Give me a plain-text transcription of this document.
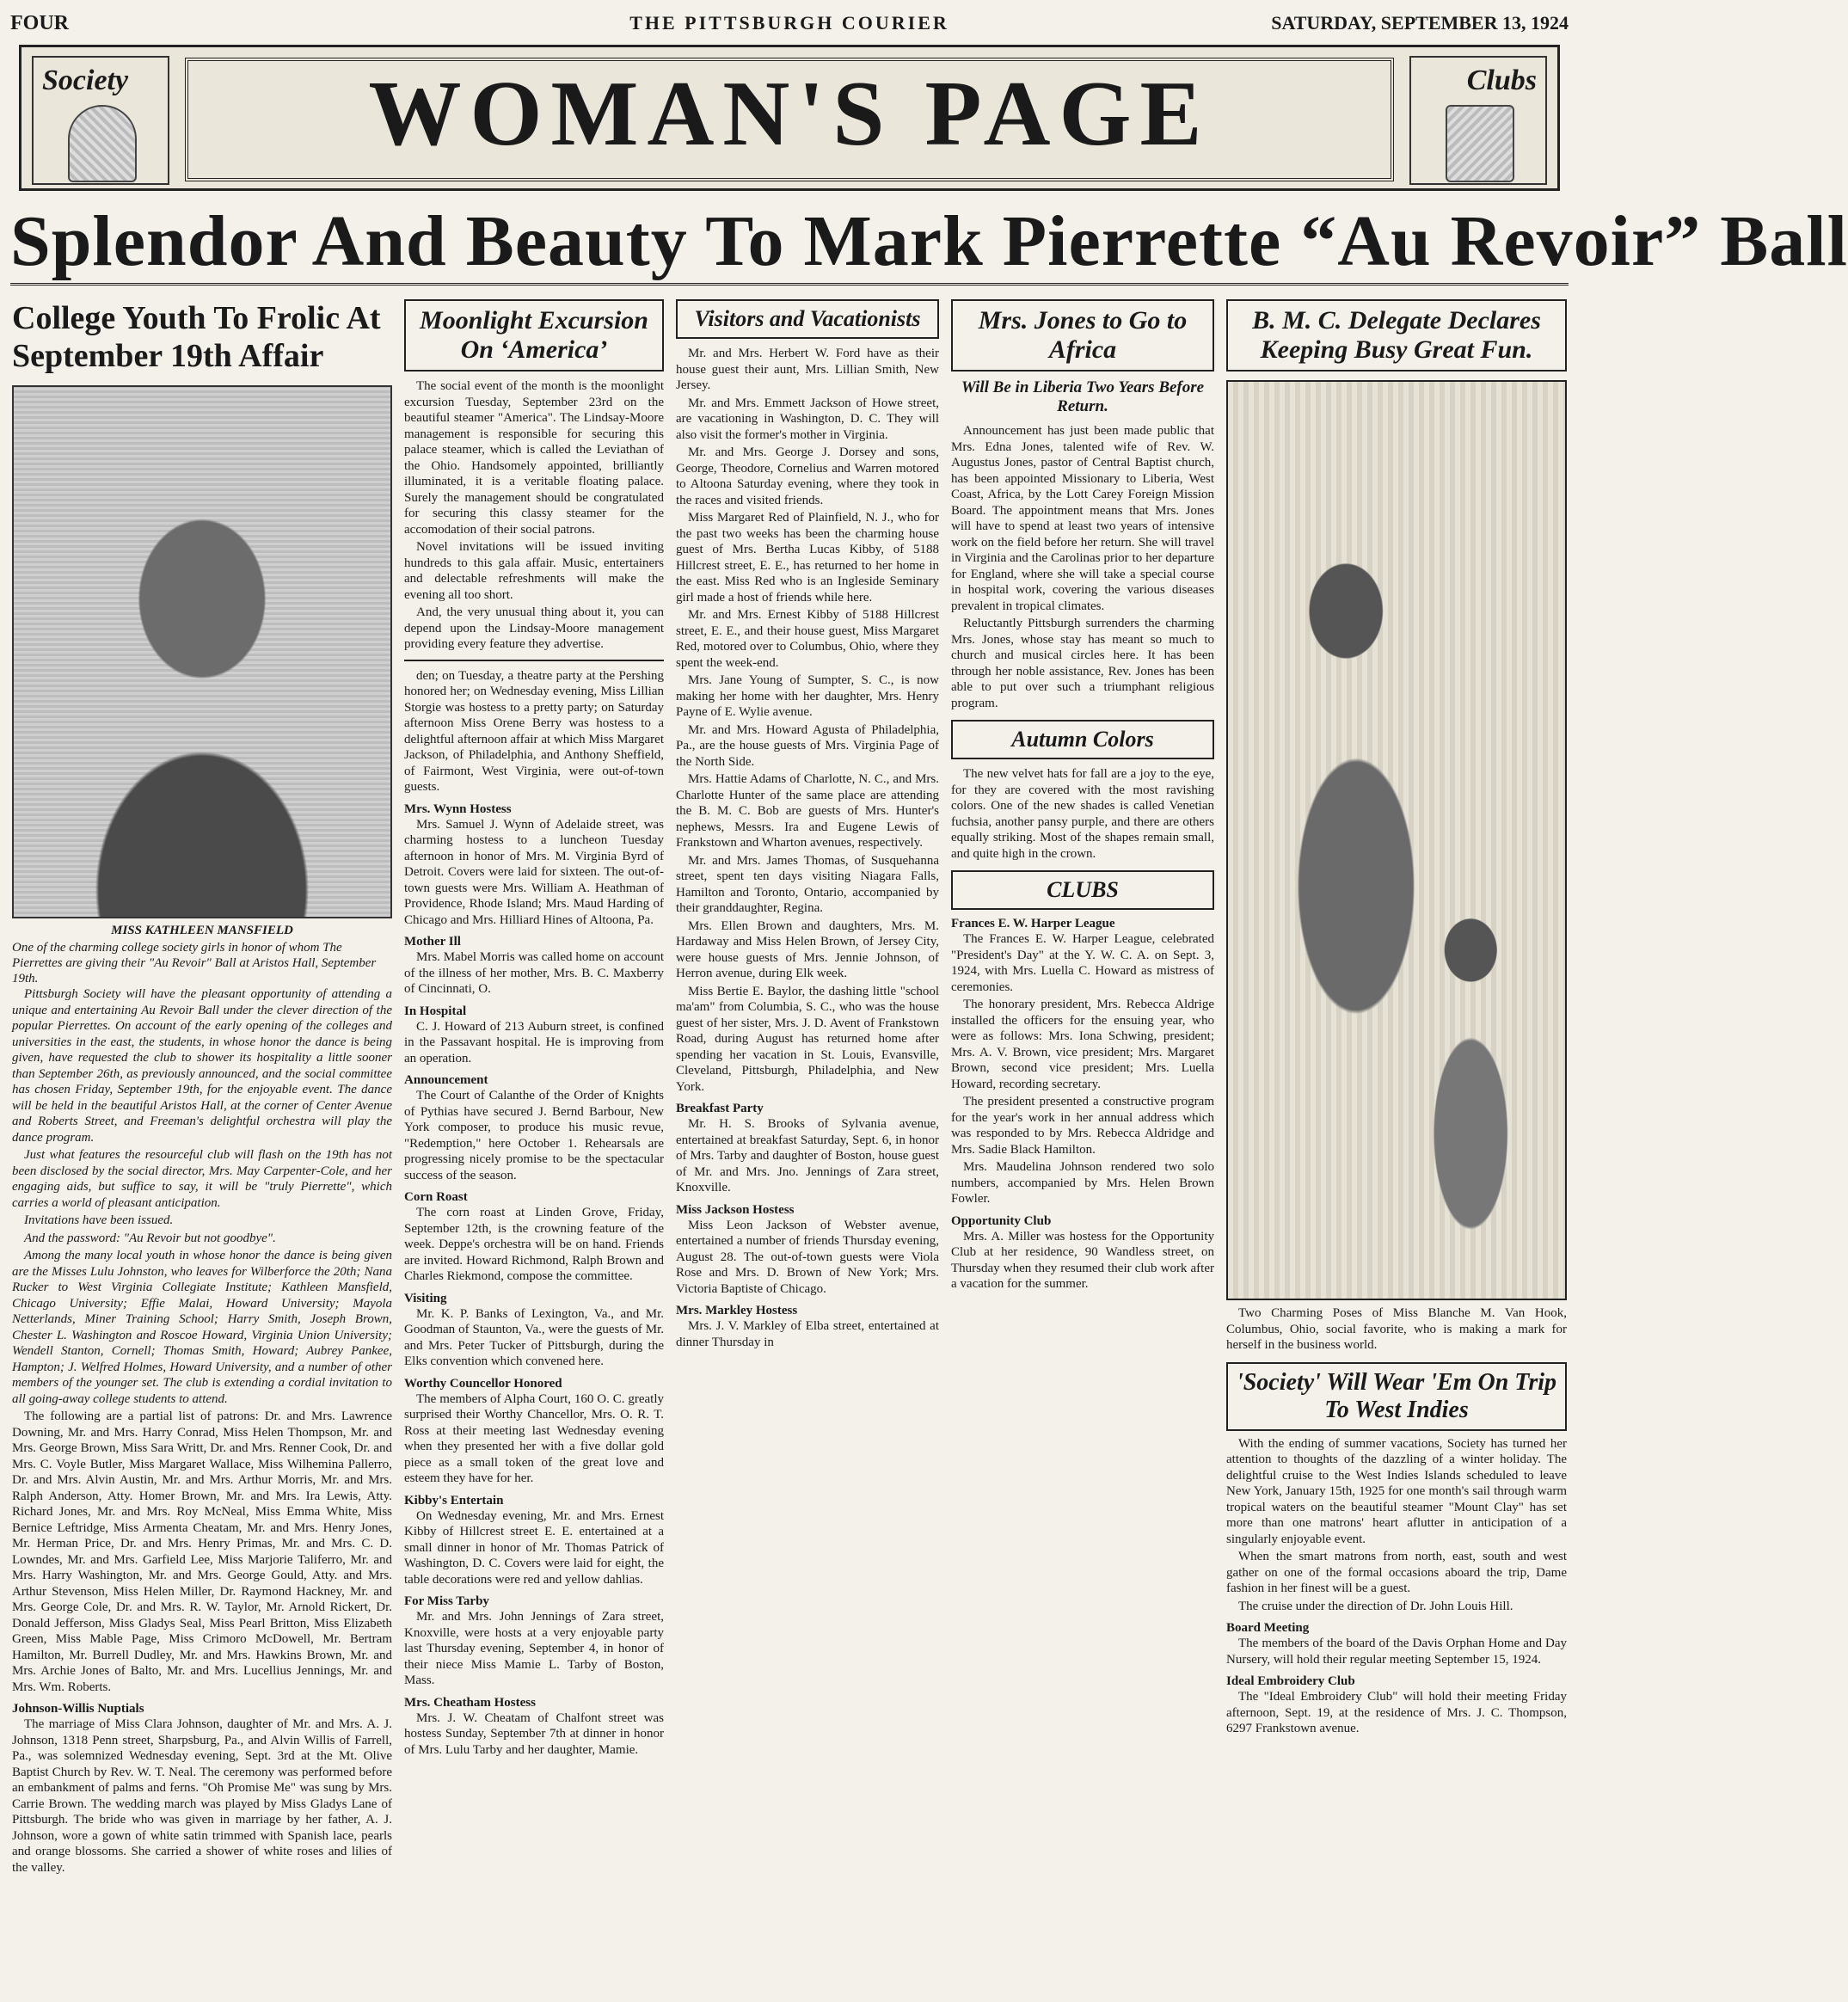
FOUR	THE PITTSBURGH COURIER	SATURDAY, SEPTEMBER 13, 1924
Society	WOMAN'S PAGE	Clubs
Splendor And Beauty To Mark Pierrette “Au Revoir” Ball
College Youth To Frolic At September 19th Affair
MISS KATHLEEN MANSFIELD
One of the charming college society girls in honor of whom The Pierrettes are giving their "Au Revoir" Ball at Aristos Hall, September 19th.

Pittsburgh Society will have the pleasant opportunity of attending a unique and entertaining Au Revoir Ball under the clever direction of the popular Pierrettes. On account of the early opening of the colleges and universities in the east, the students, in whose honor the dance is being given, have requested the club to shower its hospitality a little sooner than September 26th, as previously announced, and the social committee has chosen Friday, September 19th, for the enjoyable event. The dance will be held in the beautiful Aristos Hall, at the corner of Center Avenue and Roberts Street, and Freeman's delightful orchestra will play the dance program.

Just what features the resourceful club will flash on the 19th has not been disclosed by the social director, Mrs. May Carpenter-Cole, and her engaging aids, but suffice to say, it will be "truly Pierrette", which carries a world of pleasant anticipation.

Invitations have been issued.

And the password: "Au Revoir but not goodbye".

Among the many local youth in whose honor the dance is being given are the Misses Lulu Johnston, who leaves for Wilberforce the 20th; Nana Rucker to West Virginia Collegiate Institute; Kathleen Mansfield, Chicago University; Effie Malai, Howard University; Mayola Netterlands, Miner Training School; Harry Smith, Joseph Brown, Chester L. Washington and Roscoe Howard, Virginia Union University; Wendell Stanton, Cornell; Thomas Smith, Howard; Aubrey Pankee, Hampton; J. Welfred Holmes, Howard University, and a number of other members of the younger set. The club is extending a cordial invitation to all going-away college students to attend.

The following are a partial list of patrons: Dr. and Mrs. Lawrence Downing, Mr. and Mrs. Harry Conrad, Miss Helen Thompson, Mr. and Mrs. George Brown, Miss Sara Writt, Dr. and Mrs. Renner Cook, Dr. and Mrs. C. Voyle Butler, Miss Margaret Wallace, Miss Wilhemina Pallerro, Dr. and Mrs. Alvin Austin, Mr. and Mrs. Arthur Morris, Mr. and Mrs. Ralph Anderson, Atty. Homer Brown, Mr. and Mrs. Ira Lewis, Atty. Richard Jones, Mr. and Mrs. Roy McNeal, Miss Emma White, Miss Bernice Leftridge, Miss Armenta Cheatam, Mr. and Mrs. Henry Jones, Mr. Herman Price, Dr. and Mrs. Henry Primas, Mr. and Mrs. C. D. Lowndes, Mr. and Mrs. Garfield Lee, Miss Marjorie Taliferro, Mr. and Mrs. Harry Washington, Mr. and Mrs. George Gould, Atty. and Mrs. Arthur Stevenson, Miss Helen Miller, Dr. Raymond Hackney, Mr. and Mrs. George Cole, Dr. and Mrs. R. W. Taylor, Mr. Arnold Rickert, Dr. Donald Jefferson, Miss Gladys Seal, Miss Pearl Britton, Miss Elizabeth Green, Miss Mable Page, Miss Crimoro McDowell, Mr. Bertram Hamilton, Mr. Burrell Dudley, Mr. and Mrs. Hawkins Brown, Mr. and Mrs. Archie Jones of Balto, Mr. and Mrs. Lucellius Jennings, Mr. and Mrs. Wm. Roberts.

Johnson-Willis Nuptials

The marriage of Miss Clara Johnson, daughter of Mr. and Mrs. A. J. Johnson, 1318 Penn street, Sharpsburg, Pa., and Alvin Willis of Farrell, Pa., was solemnized Wednesday evening, Sept. 3rd at the Mt. Olive Baptist Church by Rev. W. T. Neal. The ceremony was performed before an embankment of palms and ferns. "Oh Promise Me" was sung by Mrs. Carrie Brown. The wedding march was played by Miss Gladys Lane of Pittsburgh. The bride who was given in marriage by her father, A. J. Johnson, wore a gown of white satin trimmed with Spanish lace, pearls and orange blossoms. She carried a shower of white roses and lilies of the valley.

Moonlight Excursion On ‘America’

The social event of the month is the moonlight excursion Tuesday, September 23rd on the beautiful steamer "America". The Lindsay-Moore management is responsible for securing this palace steamer, which is called the Leviathan of the Ohio. Handsomely appointed, brilliantly illuminated, it is a veritable floating palace. Surely the management should be congratulated for securing this classy steamer for the accomodation of their social patrons.

Novel invitations will be issued inviting hundreds to this gala affair. Music, entertainers and delectable refreshments will make the evening all too short.

And, the very unusual thing about it, you can depend upon the Lindsay-Moore management providing every feature they advertise.

den; on Tuesday, a theatre party at the Pershing honored her; on Wednesday evening, Miss Lillian Storgie was hostess to a pretty party; on Saturday afternoon Miss Orene Berry was hostess to a delightful afternoon affair at which Miss Margaret Jackson, of Philadelphia, and Anthony Sheffield, of Fairmont, West Virginia, were out-of-town guests.

Mrs. Wynn Hostess

Mrs. Samuel J. Wynn of Adelaide street, was charming hostess to a luncheon Tuesday afternoon in honor of Mrs. M. Virginia Byrd of Detroit. Covers were laid for sixteen. The out-of-town guests were Mrs. William A. Heathman of Providence, Rhode Island; Mrs. Maud Harding of Chicago and Mrs. Hilliard Hines of Altoona, Pa.

Mother Ill

Mrs. Mabel Morris was called home on account of the illness of her mother, Mrs. B. C. Maxberry of Cincinnati, O.

In Hospital

C. J. Howard of 213 Auburn street, is confined in the Passavant hospital. He is improving from an operation.

Announcement

The Court of Calanthe of the Order of Knights of Pythias have secured J. Bernd Barbour, New York composer, to produce his music revue, "Redemption," here October 1. Rehearsals are progressing nicely promise to be the spectacular success of the season.

Corn Roast

The corn roast at Linden Grove, Friday, September 12th, is the crowning feature of the week. Deppe's orchestra will be on hand. Friends are invited. Howard Richmond, Ralph Brown and Charles Riekmond, compose the committee.

Visiting

Mr. K. P. Banks of Lexington, Va., and Mr. Goodman of Staunton, Va., were the guests of Mr. and Mrs. Peter Tucker of Pittsburgh, during the Elks convention which convened here.

Worthy Councellor Honored

The members of Alpha Court, 160 O. C. greatly surprised their Worthy Chancellor, Mrs. O. R. T. Ross at their meeting last Wednesday evening when they presented her with a five dollar gold piece as a small token of the great love and esteem they have for her.

Kibby's Entertain

On Wednesday evening, Mr. and Mrs. Ernest Kibby of Hillcrest street E. E. entertained at a small dinner in honor of Mr. Thomas Patrick of Washington, D. C. Covers were laid for eight, the table decorations were red and yellow dahlias.

For Miss Tarby

Mr. and Mrs. John Jennings of Zara street, Knoxville, were hosts at a very enjoyable party last Thursday evening, September 4, in honor of their niece Miss Mamie L. Tarby of Boston, Mass.

Mrs. Cheatham Hostess

Mrs. J. W. Cheatam of Chalfont street was hostess Sunday, September 7th at dinner in honor of Mrs. Lulu Tarby and her daughter, Mamie.

Visitors and Vacationists

Mr. and Mrs. Herbert W. Ford have as their house guest their aunt, Mrs. Lillian Smith, New Jersey.

Mr. and Mrs. Emmett Jackson of Howe street, are vacationing in Washington, D. C. They will also visit the former's mother in Virginia.

Mr. and Mrs. George J. Dorsey and sons, George, Theodore, Cornelius and Warren motored to Altoona Saturday evening, where they took in the races and visited friends.

Miss Margaret Red of Plainfield, N. J., who for the past two weeks has been the charming house guest of Mrs. Bertha Lucas Kibby, of 5188 Hillcrest street, E. E., has returned to her home in the east. Miss Red who is an Ingleside Seminary girl made a host of friends while here.

Mr. and Mrs. Ernest Kibby of 5188 Hillcrest street, E. E., and their house guest, Miss Margaret Red, motored over to Columbus, Ohio, where they spent the week-end.

Mrs. Jane Young of Sumpter, S. C., is now making her home with her daughter, Mrs. Henry Payne of E. Wylie avenue.

Mr. and Mrs. Howard Agusta of Philadelphia, Pa., are the house guests of Mrs. Virginia Page of the North Side.

Mrs. Hattie Adams of Charlotte, N. C., and Mrs. Charlotte Hunter of the same place are attending the B. M. C. Bob are guests of Mrs. Hunter's nephews, Messrs. Ira and Eugene Lewis of Frankstown and Wharton avenues, respectively.

Mr. and Mrs. James Thomas, of Susquehanna street, spent ten days visiting Niagara Falls, Hamilton and Toronto, Ontario, accompanied by their granddaughter, Regina.

Mrs. Ellen Brown and daughters, Mrs. M. Hardaway and Miss Helen Brown, of Jersey City, were house guests of Mrs. Jennie Johnson, of Herron avenue, during Elk week.

Miss Bertie E. Baylor, the dashing little "school ma'am" from Columbia, S. C., who was the house guest of her sister, Mrs. J. D. Avent of Frankstown Road, during August has returned home after spending her vacation in St. Louis, Evansville, Cleveland, Pittsburgh, Philadelphia, and New York.

Breakfast Party

Mr. H. S. Brooks of Sylvania avenue, entertained at breakfast Saturday, Sept. 6, in honor of Mrs. Tarby and daughter of Boston, house guest of Mr. and Mrs. Jno. Jennings of Zara street, Knoxville.

Miss Jackson Hostess

Miss Leon Jackson of Webster avenue, entertained a number of friends Thursday evening, August 28. The out-of-town guests were Viola Rose and Mrs. D. Brown of New York; Mrs. Victoria Baptiste of Chicago.

Mrs. Markley Hostess

Mrs. J. V. Markley of Elba street, entertained at dinner Thursday in

Mrs. Jones to Go to Africa
Will Be in Liberia Two Years Before Return.

Announcement has just been made public that Mrs. Edna Jones, talented wife of Rev. W. Augustus Jones, pastor of Central Baptist church, has been appointed Missionary to Liberia, West Coast, Africa, by the Lott Carey Foreign Mission Board. The appointment means that Mrs. Jones will have to spend at least two years of intensive work on the field before her return. She will travel in Virginia and the Carolinas prior to her departure for England, where she will take a special course in hospital work, covering the various diseases prevalent in tropical climates.

Reluctantly Pittsburgh surrenders the charming Mrs. Jones, whose stay has meant so much to church and musical circles here. It has been through her noble assistance, Rev. Jones has been able to put over such a triumphant religious program.

Autumn Colors

The new velvet hats for fall are a joy to the eye, for they are covered with the most ravishing colors. One of the new shades is called Venetian fuchsia, another pansy purple, and there are others equally striking. Most of the shapes remain small, and quite high in the crown.

CLUBS
Frances E. W. Harper League

The Frances E. W. Harper League, celebrated "President's Day" at the Y. W. C. A. on Sept. 3, 1924, with Mrs. Luella C. Howard as mistress of ceremonies.

The honorary president, Mrs. Rebecca Aldrige installed the officers for the ensuing year, who were as follows: Mrs. Iona Schwing, president; Mrs. A. V. Brown, vice president; Mrs. Margaret Brown, second vice president; Mrs. Luella Howard, recording secretary.

The president presented a constructive program for the year's work in her annual address which was responded to by Mrs. Rebecca Aldridge and Mrs. Sadie Black Hamilton.

Mrs. Maudelina Johnson rendered two solo numbers, accompanied by Mrs. Helen Brown Fowler.

Opportunity Club

Mrs. A. Miller was hostess for the Opportunity Club at her residence, 90 Wandless street, on Thursday when they resumed their club work after a vacation for the summer.

B. M. C. Delegate Declares Keeping Busy Great Fun.

Two Charming Poses of Miss Blanche M. Van Hook, Columbus, Ohio, social favorite, who is making a mark for herself in the business world.

'Society' Will Wear 'Em On Trip To West Indies

With the ending of summer vacations, Society has turned her attention to thoughts of the dazzling of a winter holiday. The delightful cruise to the West Indies Islands scheduled to leave New York, January 15th, 1925 for one month's sail through warm tropical waters on the beautiful steamer "Mount Clay" has set more than one matrons' heart aflutter in anticipation of a singularly enjoyable event.

When the smart matrons from north, east, south and west gather on one of the formal occasions aboard the trip, Dame fashion in her finest will be a guest.

The cruise under the direction of Dr. John Louis Hill.

Board Meeting

The members of the board of the Davis Orphan Home and Day Nursery, will hold their regular meeting September 15, 1924.

Ideal Embroidery Club

The "Ideal Embroidery Club" will hold their meeting Friday afternoon, Sept. 19, at the residence of Mrs. J. C. Thompson, 6297 Frankstown avenue.
